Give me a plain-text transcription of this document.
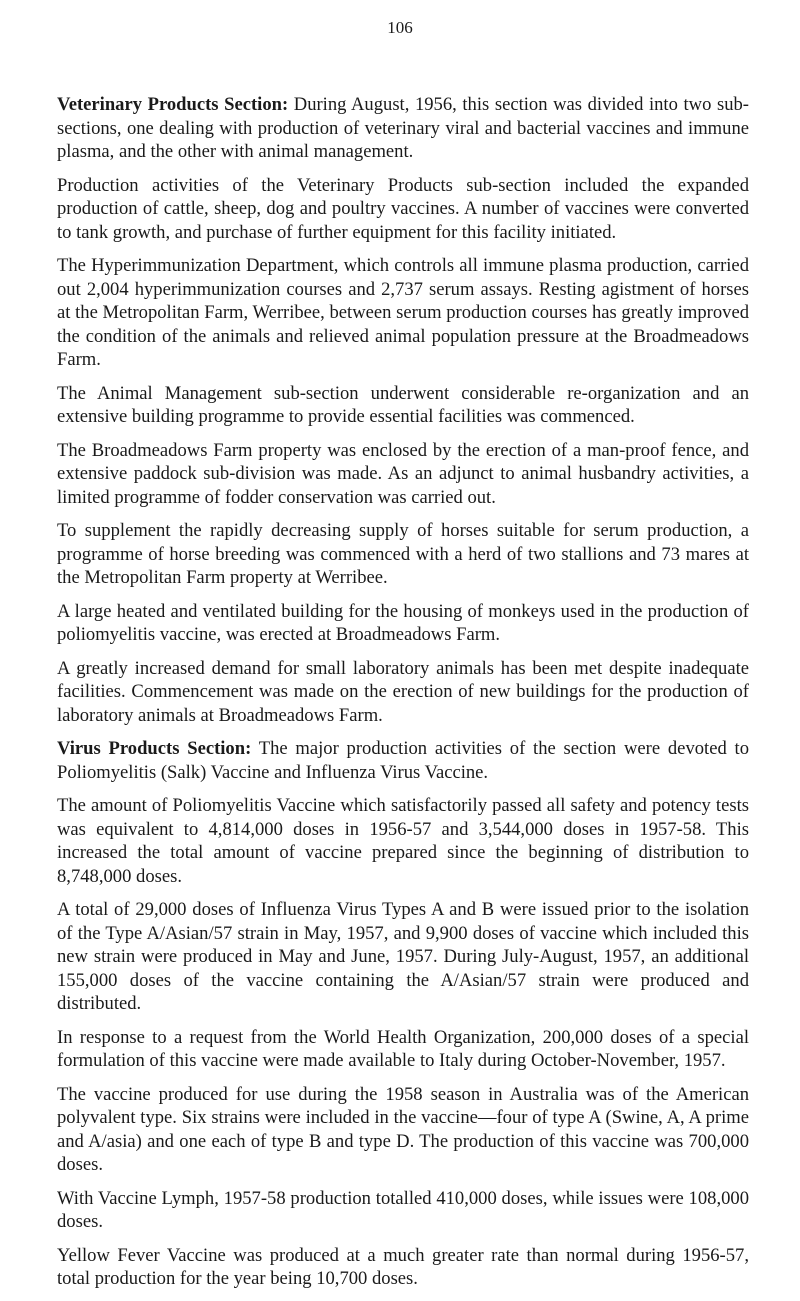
106

Veterinary Products Section: During August, 1956, this section was divided into two sub-sections, one dealing with production of veterinary viral and bacterial vaccines and immune plasma, and the other with animal management.

Production activities of the Veterinary Products sub-section included the expanded production of cattle, sheep, dog and poultry vaccines. A number of vaccines were converted to tank growth, and purchase of further equipment for this facility initiated.

The Hyperimmunization Department, which controls all immune plasma production, carried out 2,004 hyperimmunization courses and 2,737 serum assays. Resting agistment of horses at the Metropolitan Farm, Werribee, between serum production courses has greatly improved the condition of the animals and relieved animal population pressure at the Broadmeadows Farm.

The Animal Management sub-section underwent considerable re-organization and an extensive building programme to provide essential facilities was commenced.

The Broadmeadows Farm property was enclosed by the erection of a man-proof fence, and extensive paddock sub-division was made. As an adjunct to animal husbandry activities, a limited programme of fodder conservation was carried out.

To supplement the rapidly decreasing supply of horses suitable for serum production, a programme of horse breeding was commenced with a herd of two stallions and 73 mares at the Metropolitan Farm property at Werribee.

A large heated and ventilated building for the housing of monkeys used in the production of poliomyelitis vaccine, was erected at Broadmeadows Farm.

A greatly increased demand for small laboratory animals has been met despite inadequate facilities. Commencement was made on the erection of new buildings for the production of laboratory animals at Broadmeadows Farm.

Virus Products Section: The major production activities of the section were devoted to Poliomyelitis (Salk) Vaccine and Influenza Virus Vaccine.

The amount of Poliomyelitis Vaccine which satisfactorily passed all safety and potency tests was equivalent to 4,814,000 doses in 1956-57 and 3,544,000 doses in 1957-58. This increased the total amount of vaccine prepared since the beginning of distribution to 8,748,000 doses.

A total of 29,000 doses of Influenza Virus Types A and B were issued prior to the isolation of the Type A/Asian/57 strain in May, 1957, and 9,900 doses of vaccine which included this new strain were produced in May and June, 1957. During July-August, 1957, an additional 155,000 doses of the vaccine containing the A/Asian/57 strain were produced and distributed.

In response to a request from the World Health Organization, 200,000 doses of a special formulation of this vaccine were made available to Italy during October-November, 1957.

The vaccine produced for use during the 1958 season in Australia was of the American polyvalent type. Six strains were included in the vaccine—four of type A (Swine, A, A prime and A/asia) and one each of type B and type D. The production of this vaccine was 700,000 doses.

With Vaccine Lymph, 1957-58 production totalled 410,000 doses, while issues were 108,000 doses.

Yellow Fever Vaccine was produced at a much greater rate than normal during 1956-57, total production for the year being 10,700 doses.
